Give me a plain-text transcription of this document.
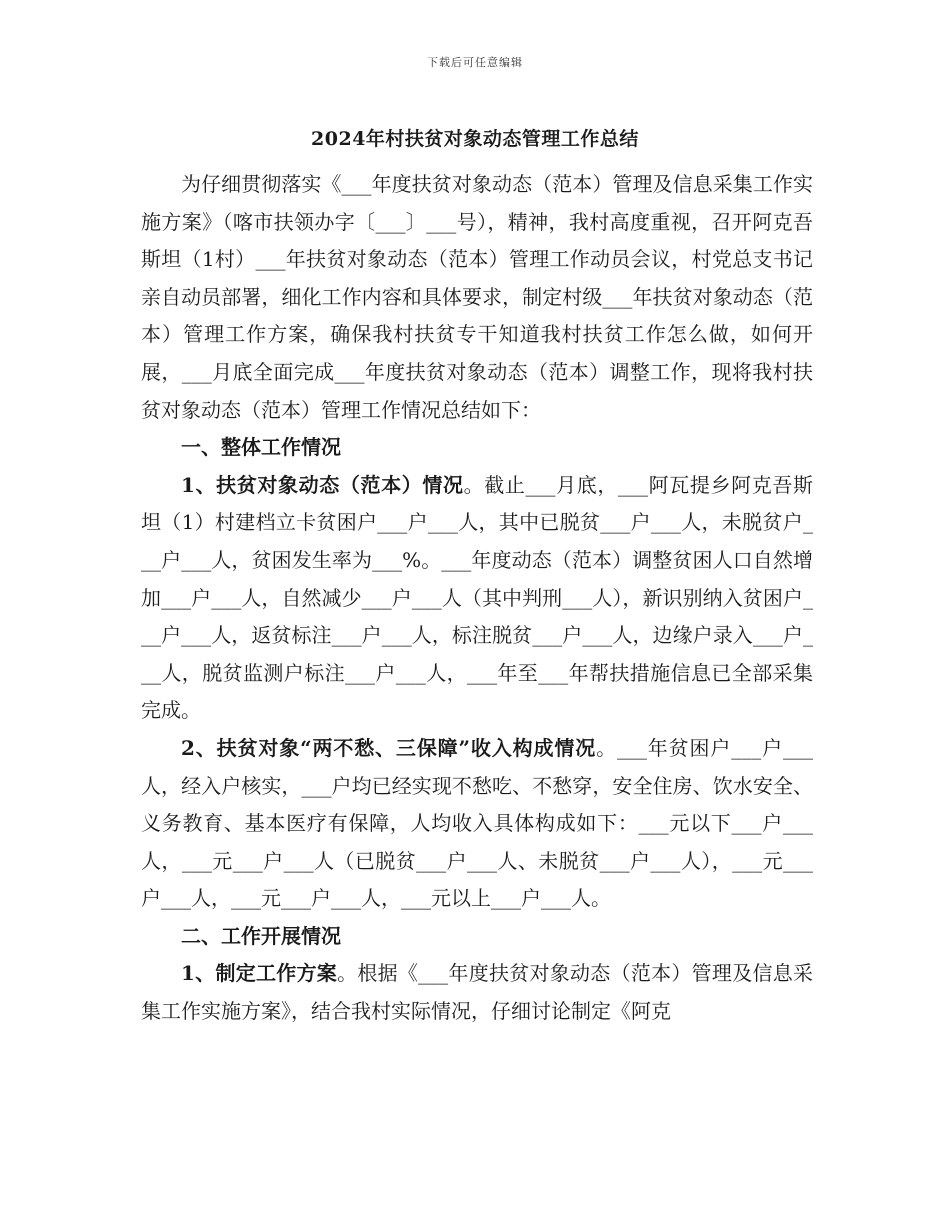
下载后可任意编辑
2024年村扶贫对象动态管理工作总结

为仔细贯彻落实《___年度扶贫对象动态（范本）管理及信息采集工作实施方案》（喀市扶领办字〔___〕___号），精神，我村高度重视，召开阿克吾斯坦（1村）___年扶贫对象动态（范本）管理工作动员会议，村党总支书记亲自动员部署，细化工作内容和具体要求，制定村级___年扶贫对象动态（范本）管理工作方案，确保我村扶贫专干知道我村扶贫工作怎么做，如何开展，___月底全面完成___年度扶贫对象动态（范本）调整工作，现将我村扶贫对象动态（范本）管理工作情况总结如下：

一、整体工作情况

1、扶贫对象动态（范本）情况。截止___月底，___阿瓦提乡阿克吾斯坦（1）村建档立卡贫困户___户___人，其中已脱贫___户___人，未脱贫户___户___人，贫困发生率为___%。___年度动态（范本）调整贫困人口自然增加___户___人，自然减少___户___人（其中判刑___人），新识别纳入贫困户___户___人，返贫标注___户___人，标注脱贫___户___人，边缘户录入___户___人，脱贫监测户标注___户___人，___年至___年帮扶措施信息已全部采集完成。

2、扶贫对象“两不愁、三保障”收入构成情况。___年贫困户___户___人，经入户核实，___户均已经实现不愁吃、不愁穿，安全住房、饮水安全、义务教育、基本医疗有保障，人均收入具体构成如下：___元以下___户___人，___元___户___人（已脱贫___户___人、未脱贫___户___人），___元___户___人，___元___户___人，___元以上___户___人。

二、工作开展情况

1、制定工作方案。根据《___年度扶贫对象动态（范本）管理及信息采集工作实施方案》，结合我村实际情况，仔细讨论制定《阿克
